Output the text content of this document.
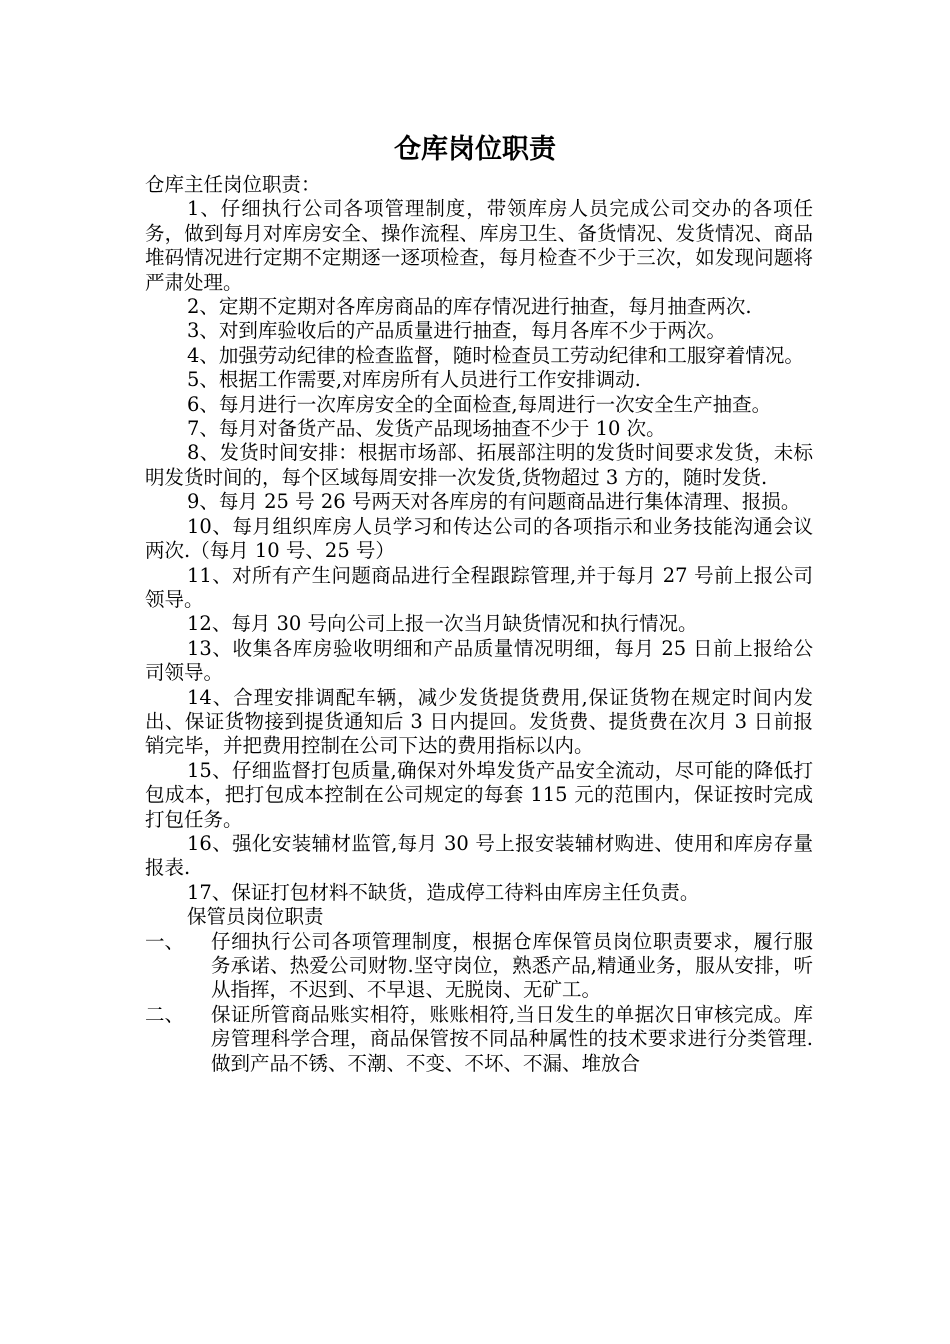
仓库岗位职责

仓库主任岗位职责：

1、仔细执行公司各项管理制度，带领库房人员完成公司交办的各项任务，做到每月对库房安全、操作流程、库房卫生、备货情况、发货情况、商品堆码情况进行定期不定期逐一逐项检查，每月检查不少于三次，如发现问题将严肃处理。

2、定期不定期对各库房商品的库存情况进行抽查，每月抽查两次.

3、对到库验收后的产品质量进行抽查，每月各库不少于两次。

4、加强劳动纪律的检查监督，随时检查员工劳动纪律和工服穿着情况。

5、根据工作需要,对库房所有人员进行工作安排调动.

6、每月进行一次库房安全的全面检查,每周进行一次安全生产抽查。

7、每月对备货产品、发货产品现场抽查不少于 10 次。

8、发货时间安排：根据市场部、拓展部注明的发货时间要求发货，未标明发货时间的，每个区域每周安排一次发货,货物超过 3 方的，随时发货.

9、每月 25 号 26 号两天对各库房的有问题商品进行集体清理、报损。

10、每月组织库房人员学习和传达公司的各项指示和业务技能沟通会议两次.（每月 10 号、25 号）

11、对所有产生问题商品进行全程跟踪管理,并于每月 27 号前上报公司领导。

12、每月 30 号向公司上报一次当月缺货情况和执行情况。

13、收集各库房验收明细和产品质量情况明细，每月 25 日前上报给公司领导。

14、合理安排调配车辆，减少发货提货费用,保证货物在规定时间内发出、保证货物接到提货通知后 3 日内提回。发货费、提货费在次月 3 日前报销完毕，并把费用控制在公司下达的费用指标以内。

15、仔细监督打包质量,确保对外埠发货产品安全流动，尽可能的降低打包成本，把打包成本控制在公司规定的每套 115 元的范围内，保证按时完成打包任务。

16、强化安装辅材监管,每月 30 号上报安装辅材购进、使用和库房存量报表.

17、保证打包材料不缺货，造成停工待料由库房主任负责。

保管员岗位职责

一、	仔细执行公司各项管理制度，根据仓库保管员岗位职责要求，履行服务承诺、热爱公司财物.坚守岗位，熟悉产品,精通业务，服从安排，听从指挥，不迟到、不早退、无脱岗、无矿工。
二、	保证所管商品账实相符，账账相符,当日发生的单据次日审核完成。库房管理科学合理，商品保管按不同品种属性的技术要求进行分类管理.做到产品不锈、不潮、不变、不坏、不漏、堆放合
